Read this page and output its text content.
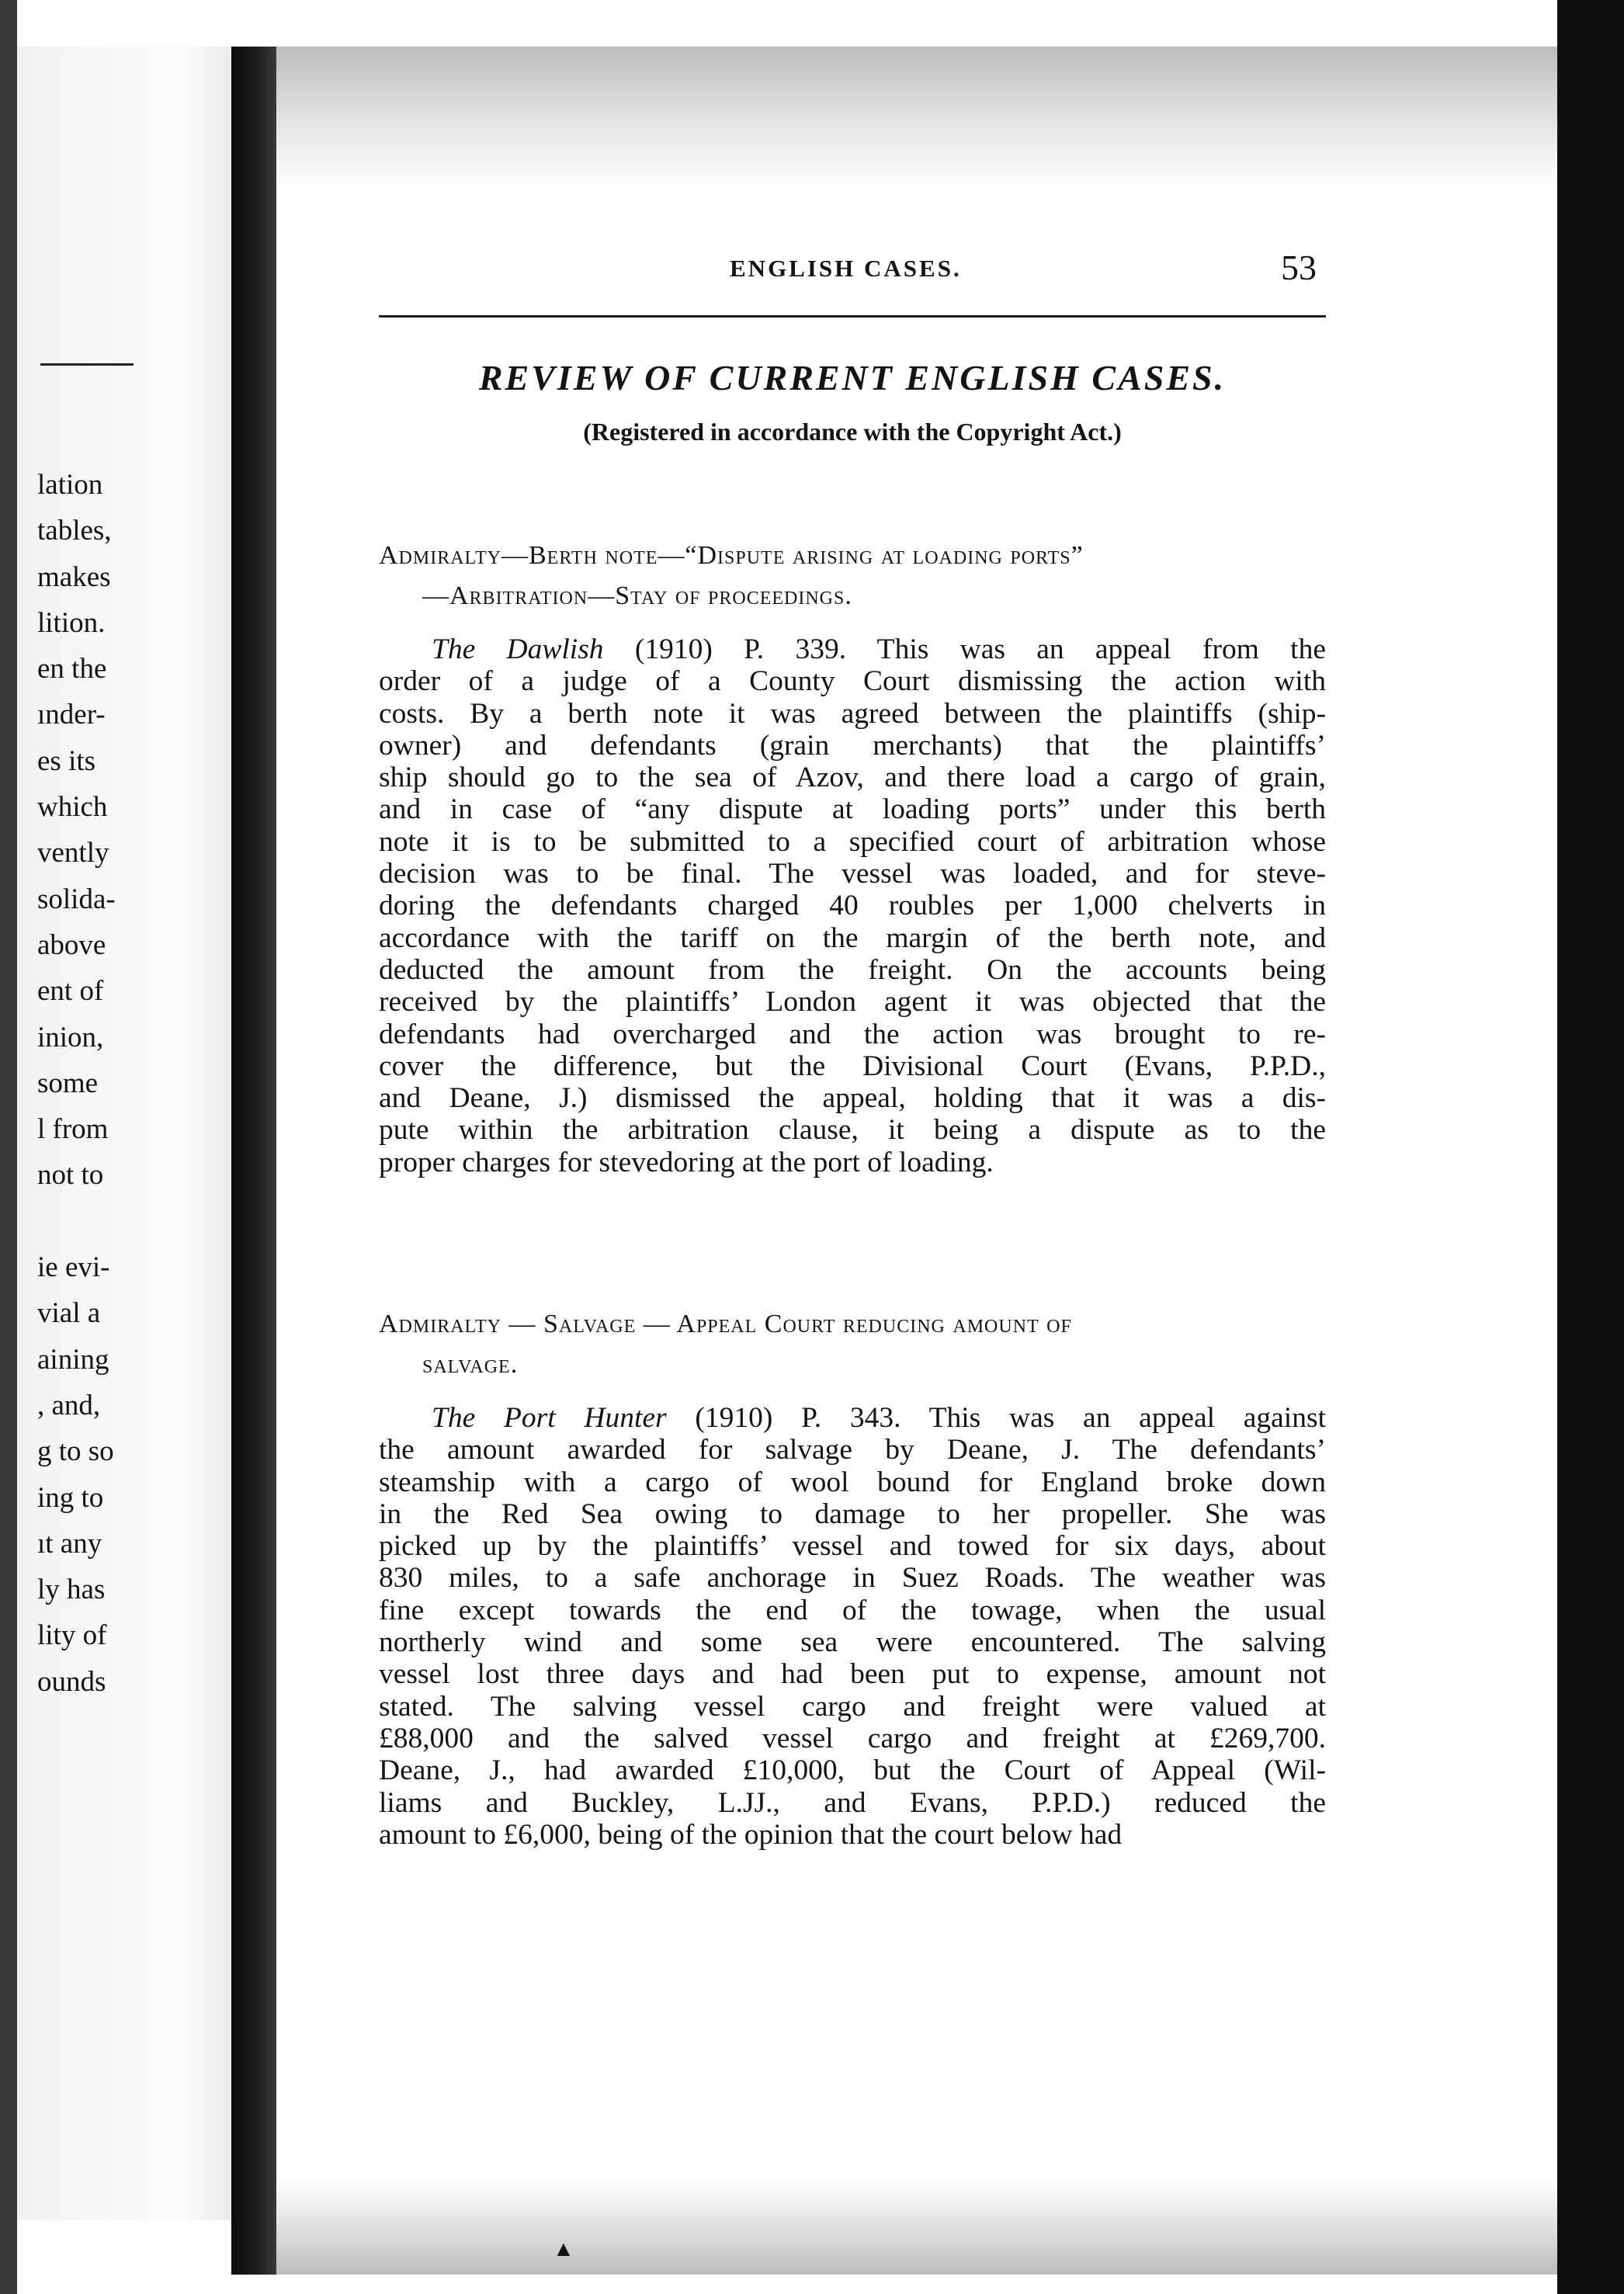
lation
tables,
makes
lition.
en the
ınder-
es its
which
vently
solida-
above
ent of
inion,
some
l from
not to
ie evi-
vial a
aining
, and,
g to so
ing to
ıt any
ly has
lity of
ounds
ENGLISH CASES.	53
REVIEW OF CURRENT ENGLISH CASES.
(Registered in accordance with the Copyright Act.)
Admiralty—Berth note—“Dispute arising at loading ports”
—Arbitration—Stay of proceedings.
The Dawlish (1910) P. 339. This was an appeal from the
order of a judge of a County Court dismissing the action with
costs. By a berth note it was agreed between the plaintiffs (ship-
owner) and defendants (grain merchants) that the plaintiffs’
ship should go to the sea of Azov, and there load a cargo of grain,
and in case of “any dispute at loading ports” under this berth
note it is to be submitted to a specified court of arbitration whose
decision was to be final. The vessel was loaded, and for steve-
doring the defendants charged 40 roubles per 1,000 chelverts in
accordance with the tariff on the margin of the berth note, and
deducted the amount from the freight. On the accounts being
received by the plaintiffs’ London agent it was objected that the
defendants had overcharged and the action was brought to re-
cover the difference, but the Divisional Court (Evans, P.P.D.,
and Deane, J.) dismissed the appeal, holding that it was a dis-
pute within the arbitration clause, it being a dispute as to the
proper charges for stevedoring at the port of loading.
Admiralty — Salvage — Appeal Court reducing amount of
salvage.
The Port Hunter (1910) P. 343. This was an appeal against
the amount awarded for salvage by Deane, J. The defendants’
steamship with a cargo of wool bound for England broke down
in the Red Sea owing to damage to her propeller. She was
picked up by the plaintiffs’ vessel and towed for six days, about
830 miles, to a safe anchorage in Suez Roads. The weather was
fine except towards the end of the towage, when the usual
northerly wind and some sea were encountered. The salving
vessel lost three days and had been put to expense, amount not
stated. The salving vessel cargo and freight were valued at
£88,000 and the salved vessel cargo and freight at £269,700.
Deane, J., had awarded £10,000, but the Court of Appeal (Wil-
liams and Buckley, L.JJ., and Evans, P.P.D.) reduced the
amount to £6,000, being of the opinion that the court below had
▲
